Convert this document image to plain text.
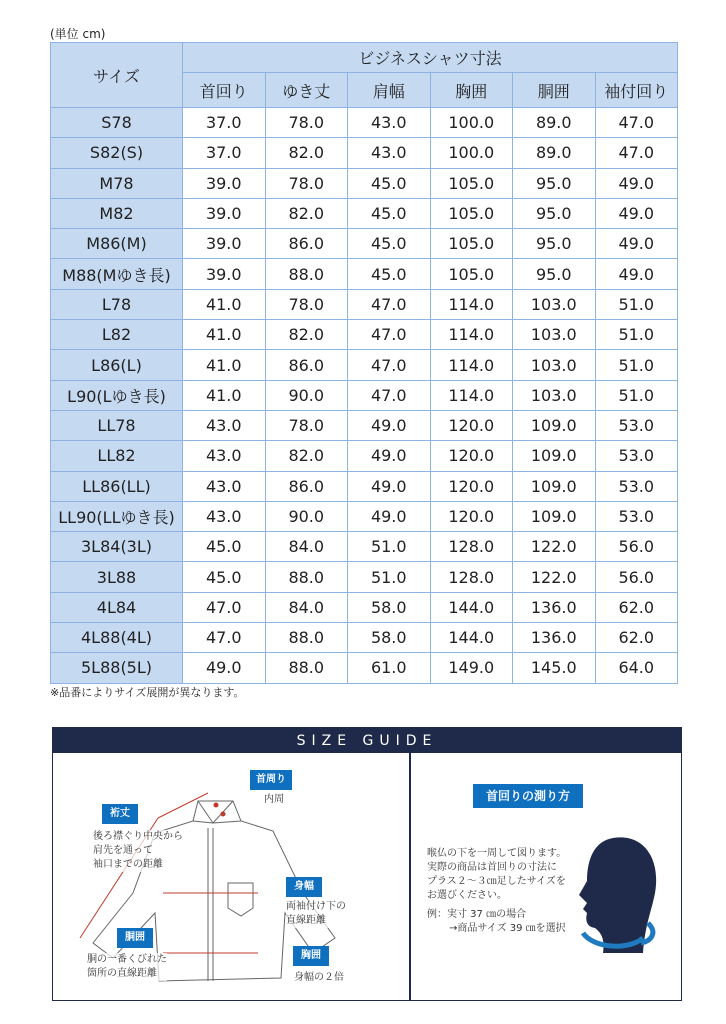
(単位 cm)
サイズ	ビジネスシャツ寸法					
	首回り	ゆき丈	肩幅	胸囲	胴囲	袖付回り
S78	37.0	78.0	43.0	100.0	89.0	47.0
S82(S)	37.0	82.0	43.0	100.0	89.0	47.0
M78	39.0	78.0	45.0	105.0	95.0	49.0
M82	39.0	82.0	45.0	105.0	95.0	49.0
M86(M)	39.0	86.0	45.0	105.0	95.0	49.0
M88(Mゆき長)	39.0	88.0	45.0	105.0	95.0	49.0
L78	41.0	78.0	47.0	114.0	103.0	51.0
L82	41.0	82.0	47.0	114.0	103.0	51.0
L86(L)	41.0	86.0	47.0	114.0	103.0	51.0
L90(Lゆき長)	41.0	90.0	47.0	114.0	103.0	51.0
LL78	43.0	78.0	49.0	120.0	109.0	53.0
LL82	43.0	82.0	49.0	120.0	109.0	53.0
LL86(LL)	43.0	86.0	49.0	120.0	109.0	53.0
LL90(LLゆき長)	43.0	90.0	49.0	120.0	109.0	53.0
3L84(3L)	45.0	84.0	51.0	128.0	122.0	56.0
3L88	45.0	88.0	51.0	128.0	122.0	56.0
4L84	47.0	84.0	58.0	144.0	136.0	62.0
4L88(4L)	47.0	88.0	58.0	144.0	136.0	62.0
5L88(5L)	49.0	88.0	61.0	149.0	145.0	64.0
※品番によりサイズ展開が異なります。
SIZE GUIDE
首周り
内周
裄丈
後ろ襟ぐり中央から
肩先を通って
袖口までの距離
身幅
両袖付け下の
直線距離
胴囲
胴の一番くびれた
箇所の直線距離
胸囲
身幅の２倍
首回りの測り方
喉仏の下を一周して図ります。
実際の商品は首回りの寸法に
プラス２～３㎝足したサイズを
お選びください。
例：実寸 37 ㎝の場合
→商品サイズ 39 ㎝を選択
